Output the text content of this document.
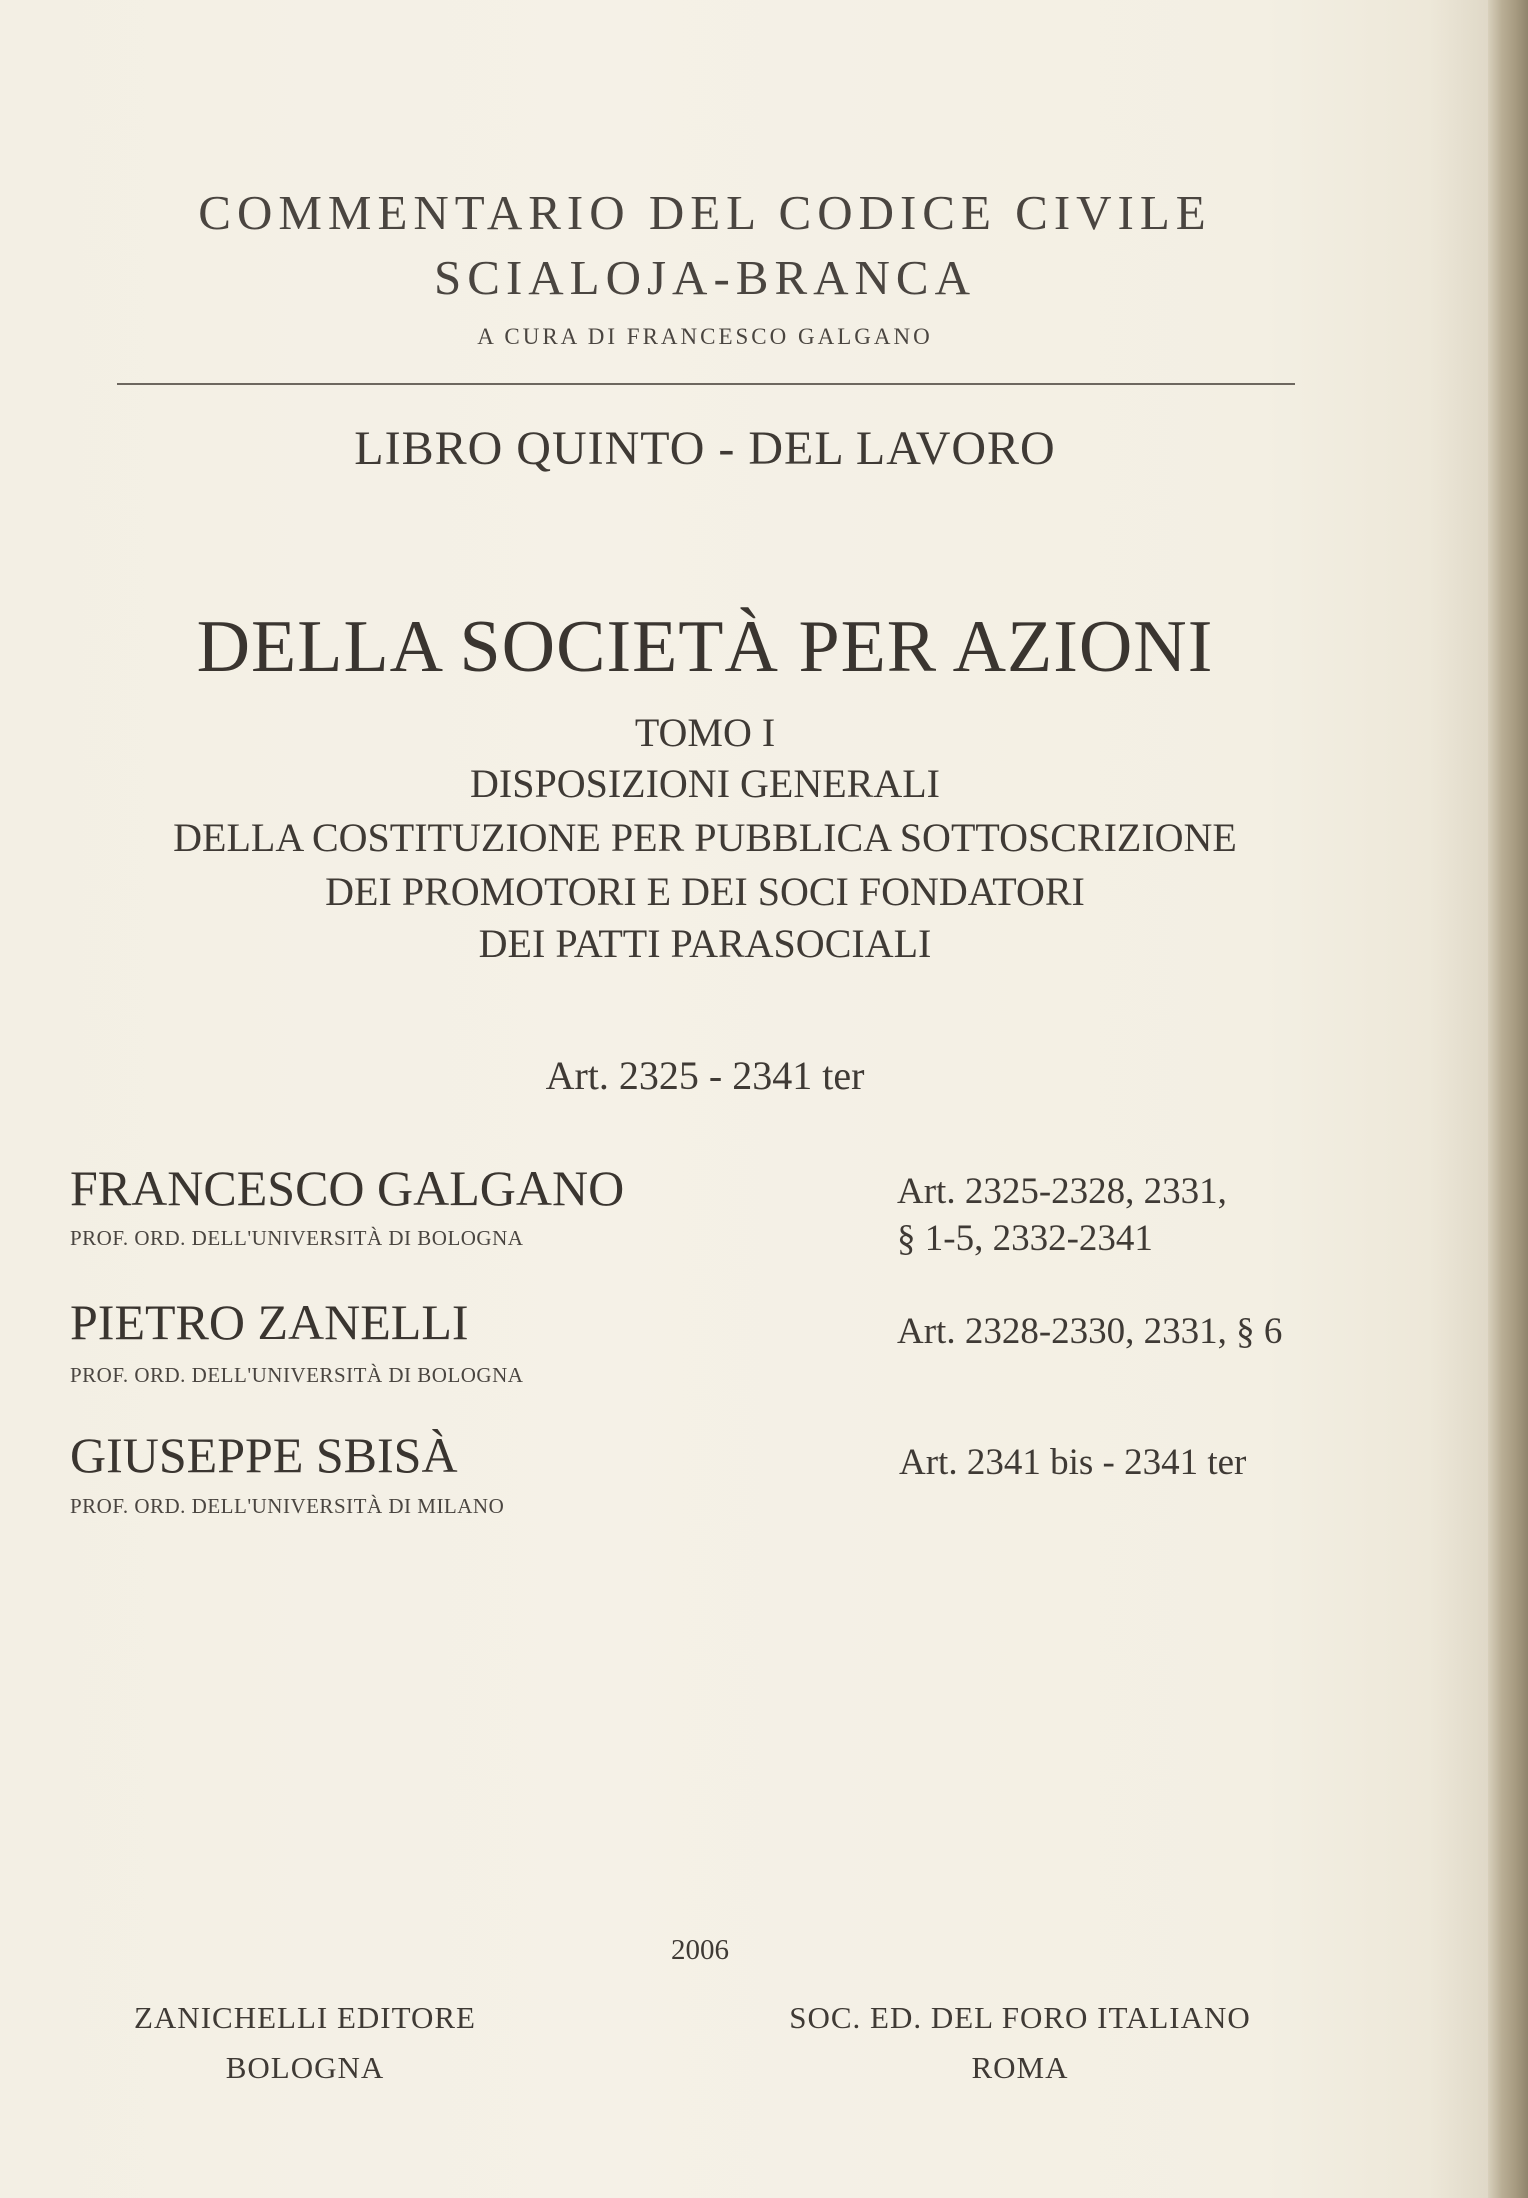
COMMENTARIO DEL CODICE CIVILE
SCIALOJA-BRANCA
A CURA DI FRANCESCO GALGANO
LIBRO QUINTO - DEL LAVORO
DELLA SOCIETÀ PER AZIONI
TOMO I
DISPOSIZIONI GENERALI
DELLA COSTITUZIONE PER PUBBLICA SOTTOSCRIZIONE
DEI PROMOTORI E DEI SOCI FONDATORI
DEI PATTI PARASOCIALI
Art. 2325 - 2341 ter
FRANCESCO GALGANO
PROF. ORD. DELL'UNIVERSITÀ DI BOLOGNA
Art. 2325-2328, 2331,
§ 1-5, 2332-2341
PIETRO ZANELLI
PROF. ORD. DELL'UNIVERSITÀ DI BOLOGNA
Art. 2328-2330, 2331, § 6
GIUSEPPE SBISÀ
PROF. ORD. DELL'UNIVERSITÀ DI MILANO
Art. 2341 bis - 2341 ter
2006
ZANICHELLI EDITORE
BOLOGNA
SOC. ED. DEL FORO ITALIANO
ROMA
